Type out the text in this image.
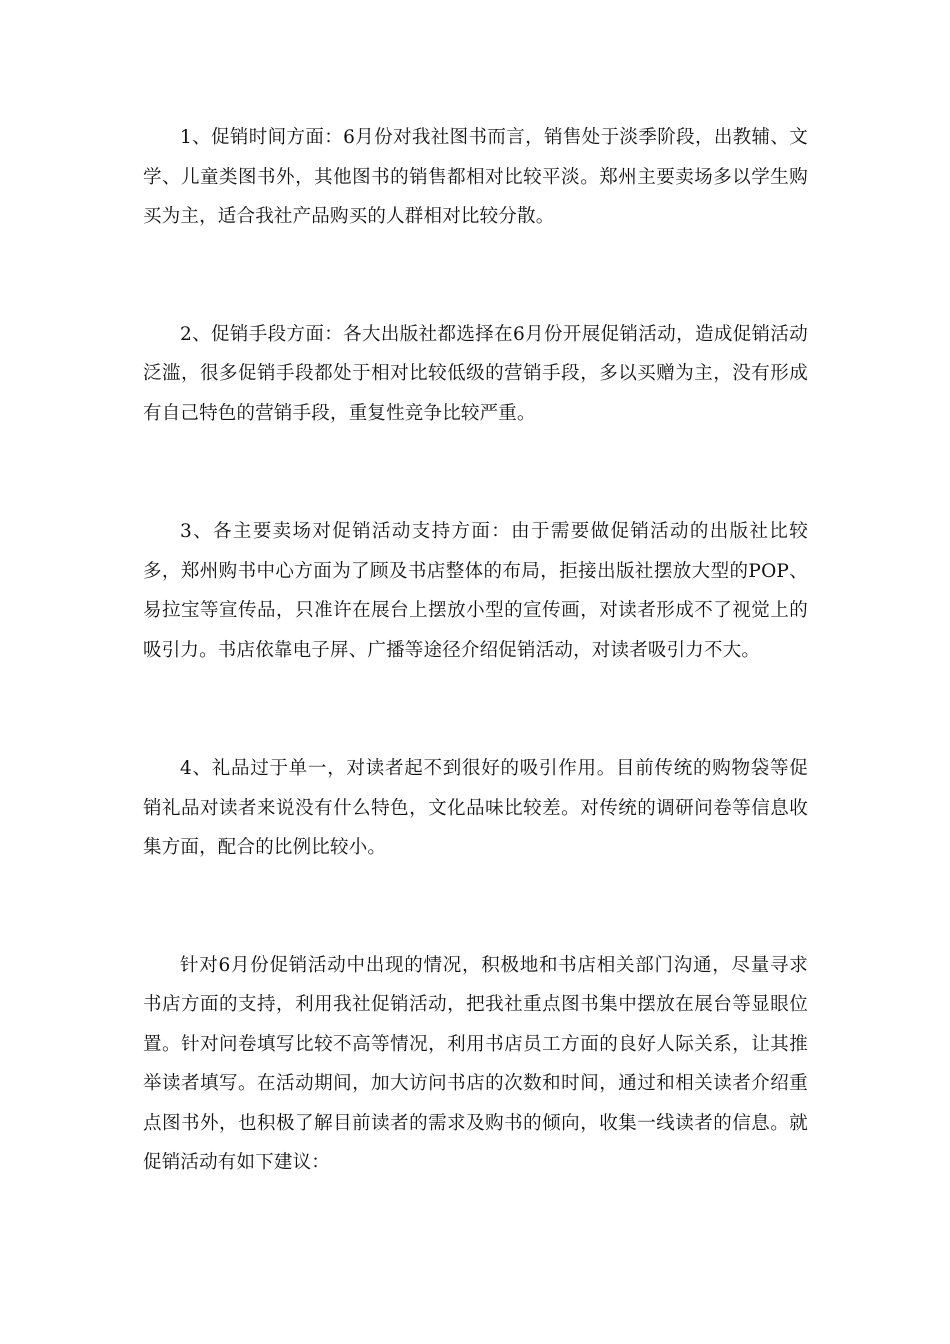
1、促销时间方面：6月份对我社图书而言，销售处于淡季阶段，出教辅、文学、儿童类图书外，其他图书的销售都相对比较平淡。郑州主要卖场多以学生购买为主，适合我社产品购买的人群相对比较分散。

2、促销手段方面：各大出版社都选择在6月份开展促销活动，造成促销活动泛滥，很多促销手段都处于相对比较低级的营销手段，多以买赠为主，没有形成有自己特色的营销手段，重复性竞争比较严重。

3、各主要卖场对促销活动支持方面：由于需要做促销活动的出版社比较多，郑州购书中心方面为了顾及书店整体的布局，拒接出版社摆放大型的POP、易拉宝等宣传品，只准许在展台上摆放小型的宣传画，对读者形成不了视觉上的吸引力。书店依靠电子屏、广播等途径介绍促销活动，对读者吸引力不大。

4、礼品过于单一，对读者起不到很好的吸引作用。目前传统的购物袋等促销礼品对读者来说没有什么特色，文化品味比较差。对传统的调研问卷等信息收集方面，配合的比例比较小。

针对6月份促销活动中出现的情况，积极地和书店相关部门沟通，尽量寻求书店方面的支持，利用我社促销活动，把我社重点图书集中摆放在展台等显眼位置。针对问卷填写比较不高等情况，利用书店员工方面的良好人际关系，让其推举读者填写。在活动期间，加大访问书店的次数和时间，通过和相关读者介绍重点图书外，也积极了解目前读者的需求及购书的倾向，收集一线读者的信息。就促销活动有如下建议：
